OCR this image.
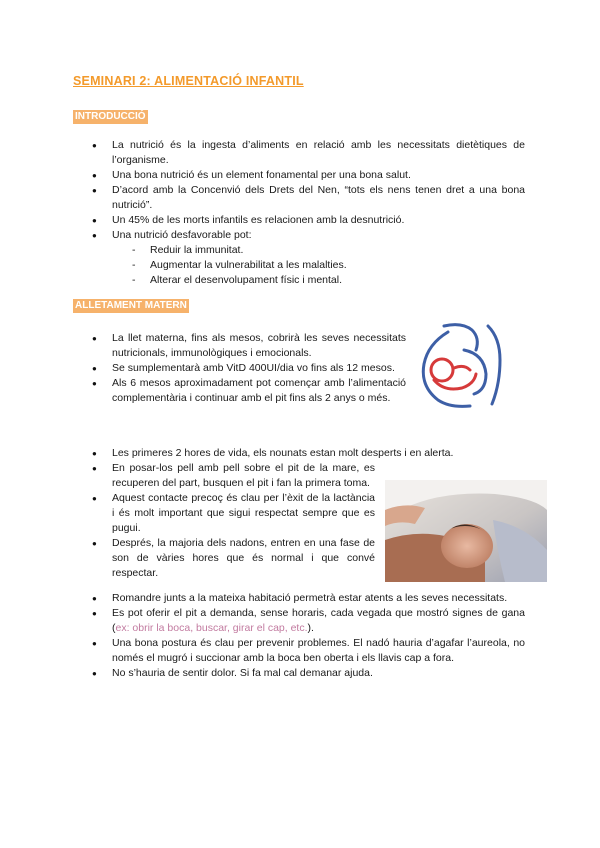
SEMINARI 2: ALIMENTACIÓ INFANTIL
INTRODUCCIÓ
● La nutrició és la ingesta d’aliments en relació amb les necessitats dietètiques de l’organisme.
● Una bona nutrició és un element fonamental per una bona salut.
● D’acord amb la Concenvió dels Drets del Nen, “tots els nens tenen dret a una bona nutrició”.
● Un 45% de les morts infantils es relacionen amb la desnutrició.
● Una nutrició desfavorable pot:
- Reduir la immunitat.
- Augmentar la vulnerabilitat a les malalties.
- Alterar el desenvolupament físic i mental.
ALLETAMENT MATERN
● La llet materna, fins als mesos, cobrirà les seves necessitats nutricionals, immunològiques i emocionals.
● Se sumplementarà amb VitD 400UI/dia vo fins als 12 mesos.
● Als 6 mesos aproximadament pot començar amb l’alimentació complementària i continuar amb el pit fins als 2 anys o més.
● Les primeres 2 hores de vida, els nounats estan molt desperts i en alerta.
● En posar-los pell amb pell sobre el pit de la mare, es recuperen del part, busquen el pit i fan la primera toma.
● Aquest contacte precoç és clau per l’èxit de la lactància i és molt important que sigui respectat sempre que es pugui.
● Després, la majoria dels nadons, entren en una fase de son de vàries hores que és normal i que convé respectar.
● Romandre junts a la mateixa habitació permetrà estar atents a les seves necessitats.
● Es pot oferir el pit a demanda, sense horaris, cada vegada que mostró signes de gana (ex: obrir la boca, buscar, girar el cap, etc.).
● Una bona postura és clau per prevenir problemes. El nadó hauria d’agafar l’aureola, no només el mugró i succionar amb la boca ben oberta i els llavis cap a fora.
● No s’hauria de sentir dolor. Si fa mal cal demanar ajuda.
